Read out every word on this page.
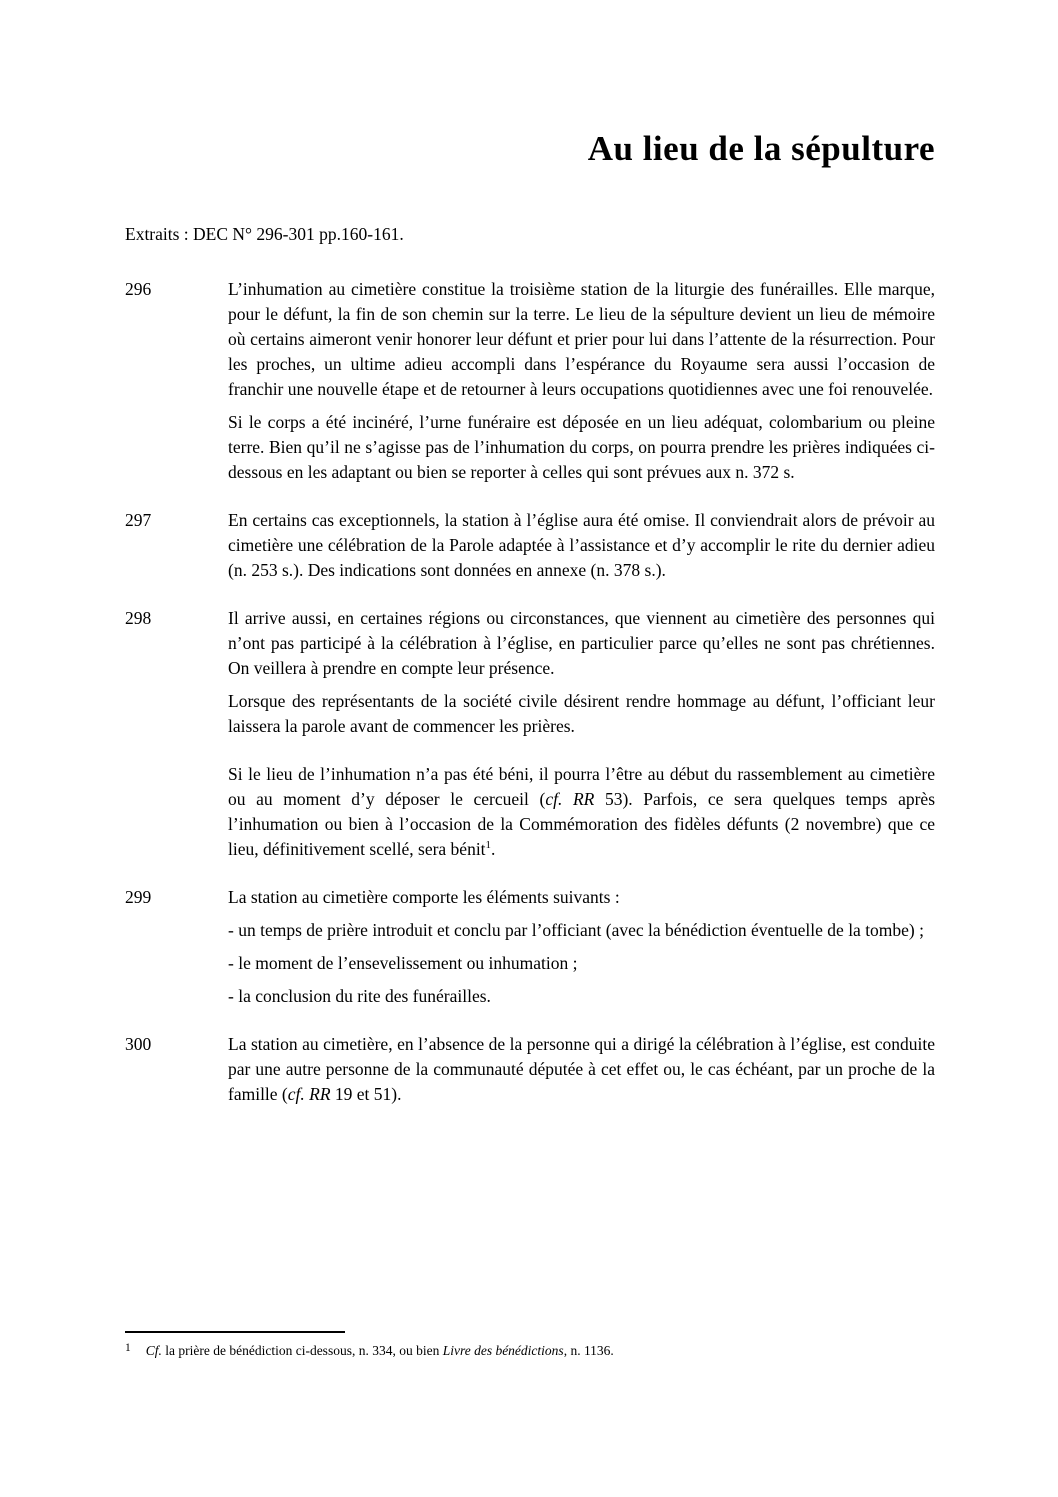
Au lieu de la sépulture

Extraits : DEC N° 296-301 pp.160-161.

296	L’inhumation au cimetière constitue la troisième station de la liturgie des funérailles. Elle marque, pour le défunt, la fin de son chemin sur la terre. Le lieu de la sépulture devient un lieu de mémoire où certains aimeront venir honorer leur défunt et prier pour lui dans l’attente de la résurrection. Pour les proches, un ultime adieu accompli dans l’espérance du Royaume sera aussi l’occasion de franchir une nouvelle étape et de retourner à leurs occupations quotidiennes avec une foi renouvelée.
Si le corps a été incinéré, l’urne funéraire est déposée en un lieu adéquat, colombarium ou pleine terre. Bien qu’il ne s’agisse pas de l’inhumation du corps, on pourra prendre les prières indiquées ci-dessous en les adaptant ou bien se reporter à celles qui sont prévues aux n. 372 s.
297	En certains cas exceptionnels, la station à l’église aura été omise. Il conviendrait alors de prévoir au cimetière une célébration de la Parole adaptée à l’assistance et d’y accomplir le rite du dernier adieu (n. 253 s.). Des indications sont données en annexe (n. 378 s.).
298	Il arrive aussi, en certaines régions ou circonstances, que viennent au cimetière des personnes qui n’ont pas participé à la célébration à l’église, en particulier parce qu’elles ne sont pas chrétiennes. On veillera à prendre en compte leur présence.
Lorsque des représentants de la société civile désirent rendre hommage au défunt, l’officiant leur laissera la parole avant de commencer les prières.
Si le lieu de l’inhumation n’a pas été béni, il pourra l’être au début du rassemblement au cimetière ou au moment d’y déposer le cercueil (cf. RR 53). Parfois, ce sera quelques temps après l’inhumation ou bien à l’occasion de la Commémoration des fidèles défunts (2 novembre) que ce lieu, définitivement scellé, sera bénit$^1$.
299	La station au cimetière comporte les éléments suivants :
- un temps de prière introduit et conclu par l’officiant (avec la bénédiction éventuelle de la tombe) ;
- le moment de l’ensevelissement ou inhumation ;
- la conclusion du rite des funérailles.
300	La station au cimetière, en l’absence de la personne qui a dirigé la célébration à l’église, est conduite par une autre personne de la communauté députée à cet effet ou, le cas échéant, par un proche de la famille (cf. RR 19 et 51).
1 Cf. la prière de bénédiction ci-dessous, n. 334, ou bien Livre des bénédictions, n. 1136.
